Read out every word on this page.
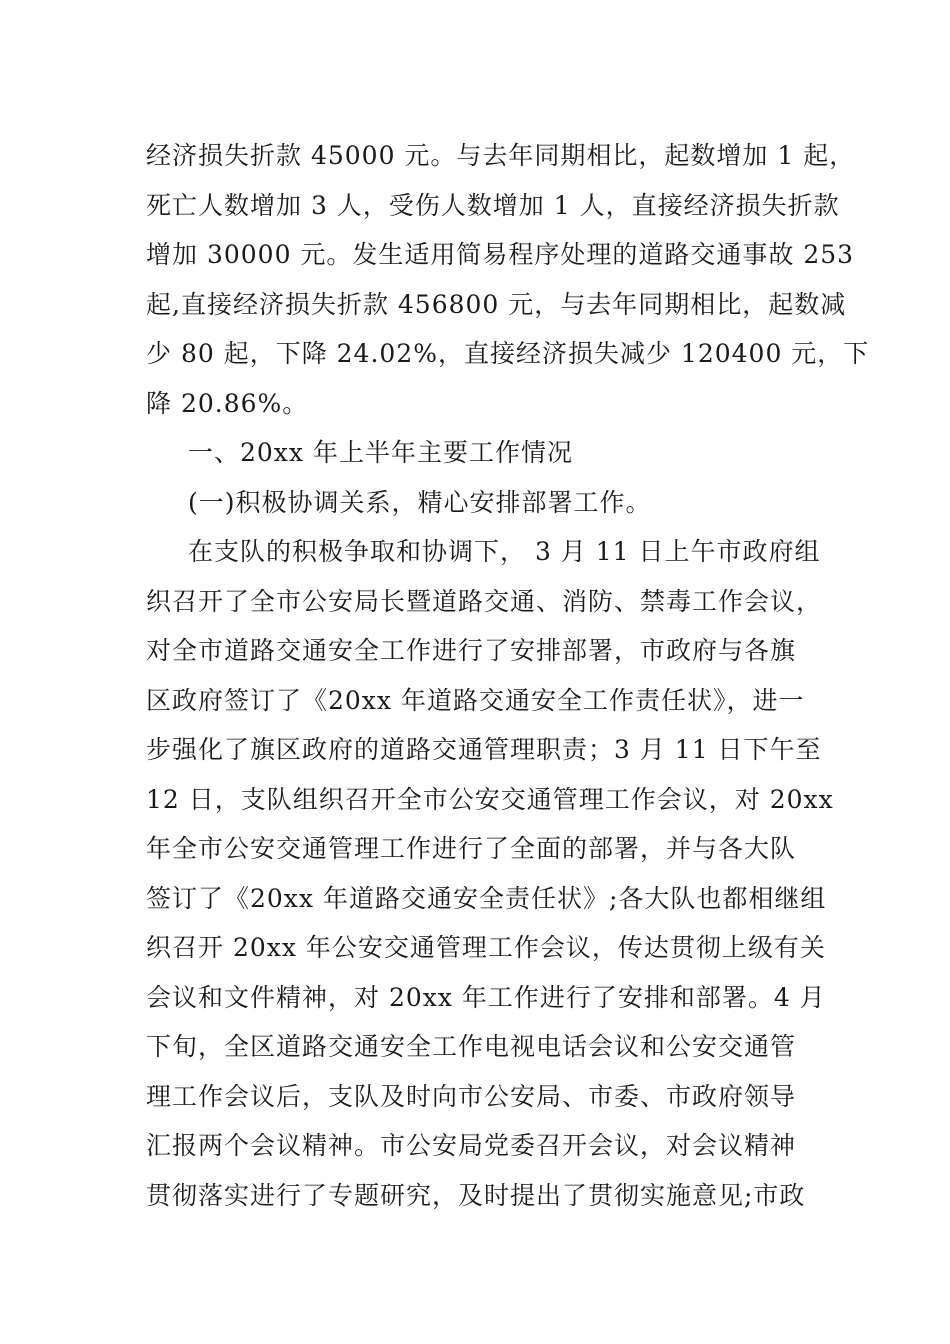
经济损失折款 45000 元。与去年同期相比，起数增加 1 起，
死亡人数增加 3 人，受伤人数增加 1 人，直接经济损失折款
增加 30000 元。发生适用简易程序处理的道路交通事故 253
起,直接经济损失折款 456800 元，与去年同期相比，起数减
少 80 起，下降 24.02%，直接经济损失减少 120400 元，下
降 20.86%。
一、20xx 年上半年主要工作情况
(一)积极协调关系，精心安排部署工作。
在支队的积极争取和协调下， 3 月 11 日上午市政府组
织召开了全市公安局长暨道路交通、消防、禁毒工作会议，
对全市道路交通安全工作进行了安排部署，市政府与各旗
区政府签订了《20xx 年道路交通安全工作责任状》，进一
步强化了旗区政府的道路交通管理职责；3 月 11 日下午至
12 日，支队组织召开全市公安交通管理工作会议，对 20xx
年全市公安交通管理工作进行了全面的部署，并与各大队
签订了《20xx 年道路交通安全责任状》;各大队也都相继组
织召开 20xx 年公安交通管理工作会议，传达贯彻上级有关
会议和文件精神，对 20xx 年工作进行了安排和部署。4 月
下旬，全区道路交通安全工作电视电话会议和公安交通管
理工作会议后，支队及时向市公安局、市委、市政府领导
汇报两个会议精神。市公安局党委召开会议，对会议精神
贯彻落实进行了专题研究，及时提出了贯彻实施意见;市政
